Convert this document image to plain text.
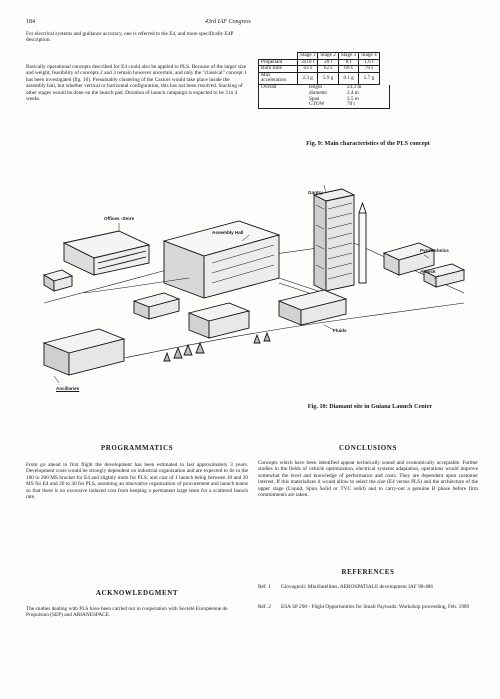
184	43rd IAF Congress
For electrical systems and guidance accuracy, one is referred to the E4, and more specifically E4P description.
Basically operational concepts described for E4 could also be applied to PLS. Because of the larger size and weight, feasibility of concepts 2 and 3 remain however uncertain, and only the "classical" concept 1 has been investigated (fig. 10). Presumably clustering of the Castors would take place inside the assembly hall, but whether vertical or horizontal configuration, this has not been resolved. Stacking of other stages would be done on the launch pad. Duration of launch campaign is expected to be 3 to 4 weeks.
	Stage 1	Stage 2	Stage 3	Stage 4
Propellant	3x10 t	20 t	8 t	1.6 t
Burn time	63 s	62 s	69 s	79 s
Max acceleration	2.3 g	5.9 g	8.1 g	5.7 g
Overall	length	23.3 m
	diameter	2.4 m
	Span	3.5 m
	GTOW	70 t
Fig. 9: Main characteristics of the PLS concept
Gantry
Offices -Store
Assembly Hall
Pyrotechnics
Airlock
Fluids
Ancillaries
Fig. 10: Diamant site in Guiana Launch Center
PROGRAMMATICS
From go ahead to first flight the development has been estimated to last approximately 3 years. Development costs would be strongly dependent on industrial organization and are expected to lie in the 100 to 200 MS bracket for E4 and slightly more for PLS; unit cost of 1 launch being between 10 and 20 MS for E4 and 20 to 30 for PLS, assuming an innovative organization of procurement and launch teams so that there is no excessive induced cost from keeping a permanent large team for a scattered launch rate.
ACKNOWLEDGMENT
The studies dealing with PLS have been carried out in cooperation with Société Européenne de Propulsion (SEP) and ARIANESPACE.
CONCLUSIONS
Concepts which have been identified appear technically sound and economically acceptable. Further studies in the fields of vehicle optimization, electrical systems adaptation, operations would improve somewhat the level and knowledge of performance and costs. They are dependent upon customer interest. If this materializes it would allow to select the size (E4 versus PLS) and the archiecture of the upper stage (Liquid, Spun Solid or TVC solid) and to carry-out a genuine B phase before firm commitments are taken.
REFERENCES
Réf. 1 Giovagnoli: MiniSatellites; AEROSPATIALE development IAF 90-486
Réf. 2 ESA SP 298 - Flight Opportunities for Small Payloads: Workshop proceeding, Feb. 1989
